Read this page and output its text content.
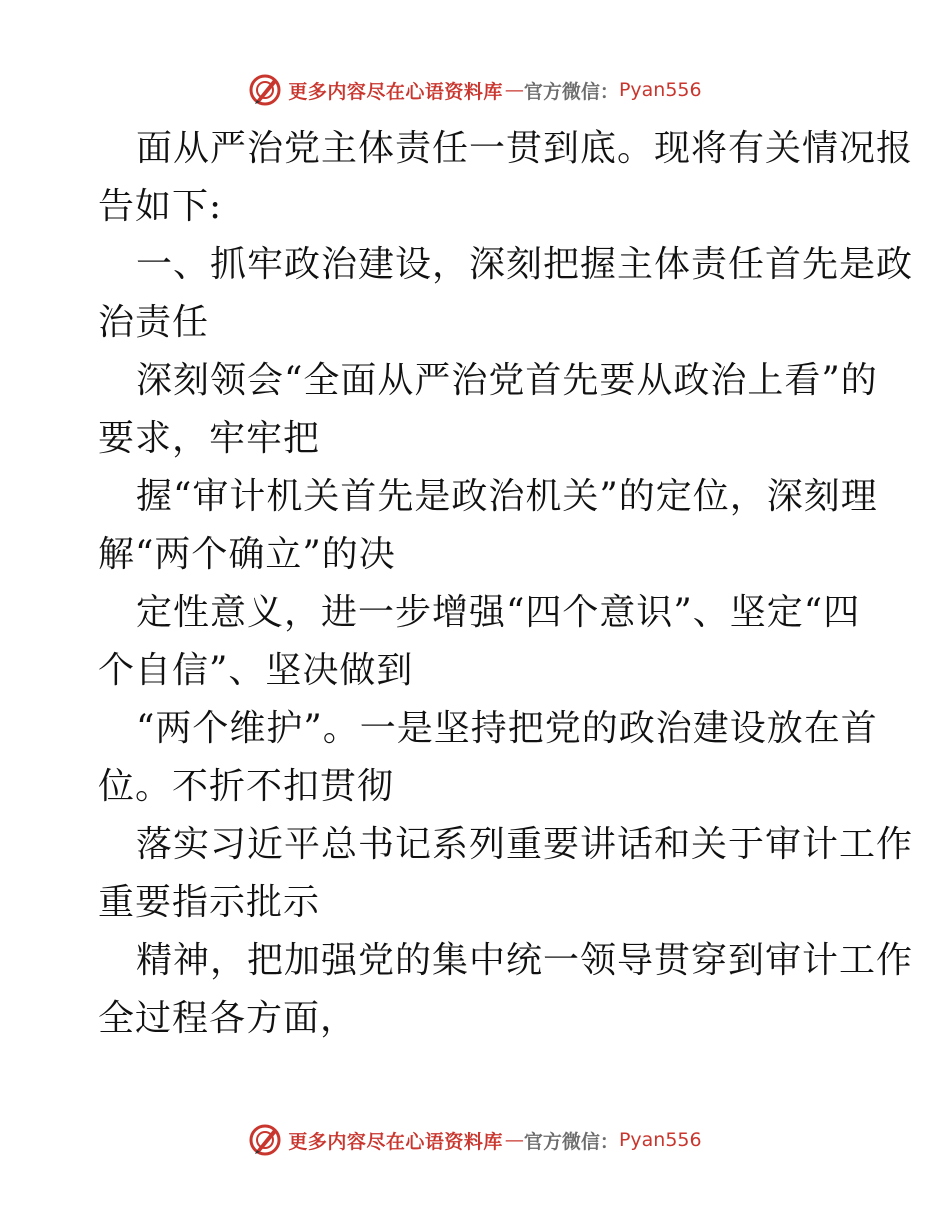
更多内容尽在心语资料库 — 官方微信： Pyan556
面从严治党主体责任一贯到底。现将有关情况报
告如下:
一、抓牢政治建设，深刻把握主体责任首先是政
治责任
深刻领会“全面从严治党首先要从政治上看”的
要求，牢牢把
握“审计机关首先是政治机关”的定位，深刻理
解“两个确立”的决
定性意义，进一步增强“四个意识”、坚定“四
个自信”、坚决做到
“两个维护”。一是坚持把党的政治建设放在首
位。不折不扣贯彻
落实习近平总书记系列重要讲话和关于审计工作
重要指示批示
精神，把加强党的集中统一领导贯穿到审计工作
全过程各方面，
更多内容尽在心语资料库 — 官方微信： Pyan556
